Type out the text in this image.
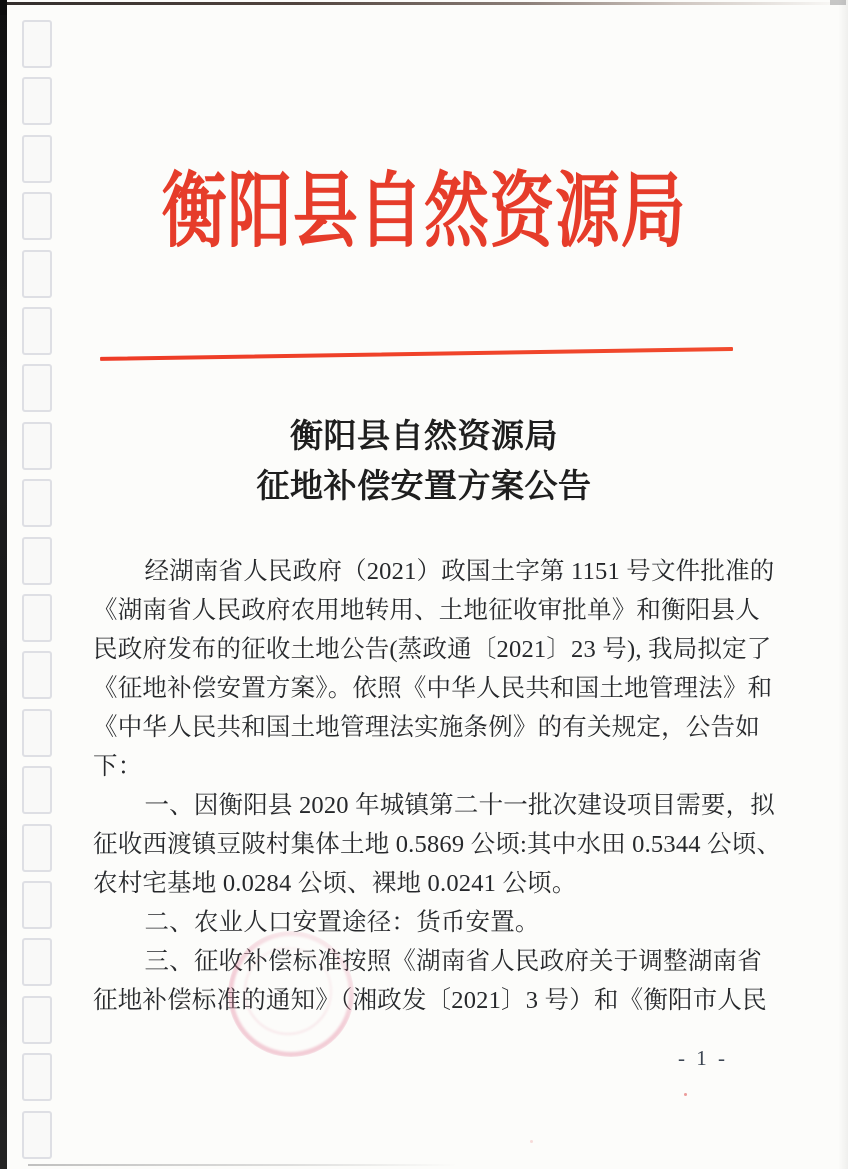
衡阳县自然资源局
衡阳县自然资源局
征地补偿安置方案公告
经湖南省人民政府（2021）政国土字第 1151 号文件批准的
《湖南省人民政府农用地转用、土地征收审批单》和衡阳县人
民政府发布的征收土地公告(蒸政通〔2021〕23 号), 我局拟定了
《征地补偿安置方案》。依照《中华人民共和国土地管理法》和
《中华人民共和国土地管理法实施条例》的有关规定，公告如
下：
一、因衡阳县 2020 年城镇第二十一批次建设项目需要，拟
征收西渡镇豆陂村集体土地 0.5869 公顷:其中水田 0.5344 公顷、
农村宅基地 0.0284 公顷、裸地 0.0241 公顷。
二、农业人口安置途径：货币安置。
三、征收补偿标准按照《湖南省人民政府关于调整湖南省
征地补偿标准的通知》（湘政发〔2021〕3 号）和《衡阳市人民
- 1 -
